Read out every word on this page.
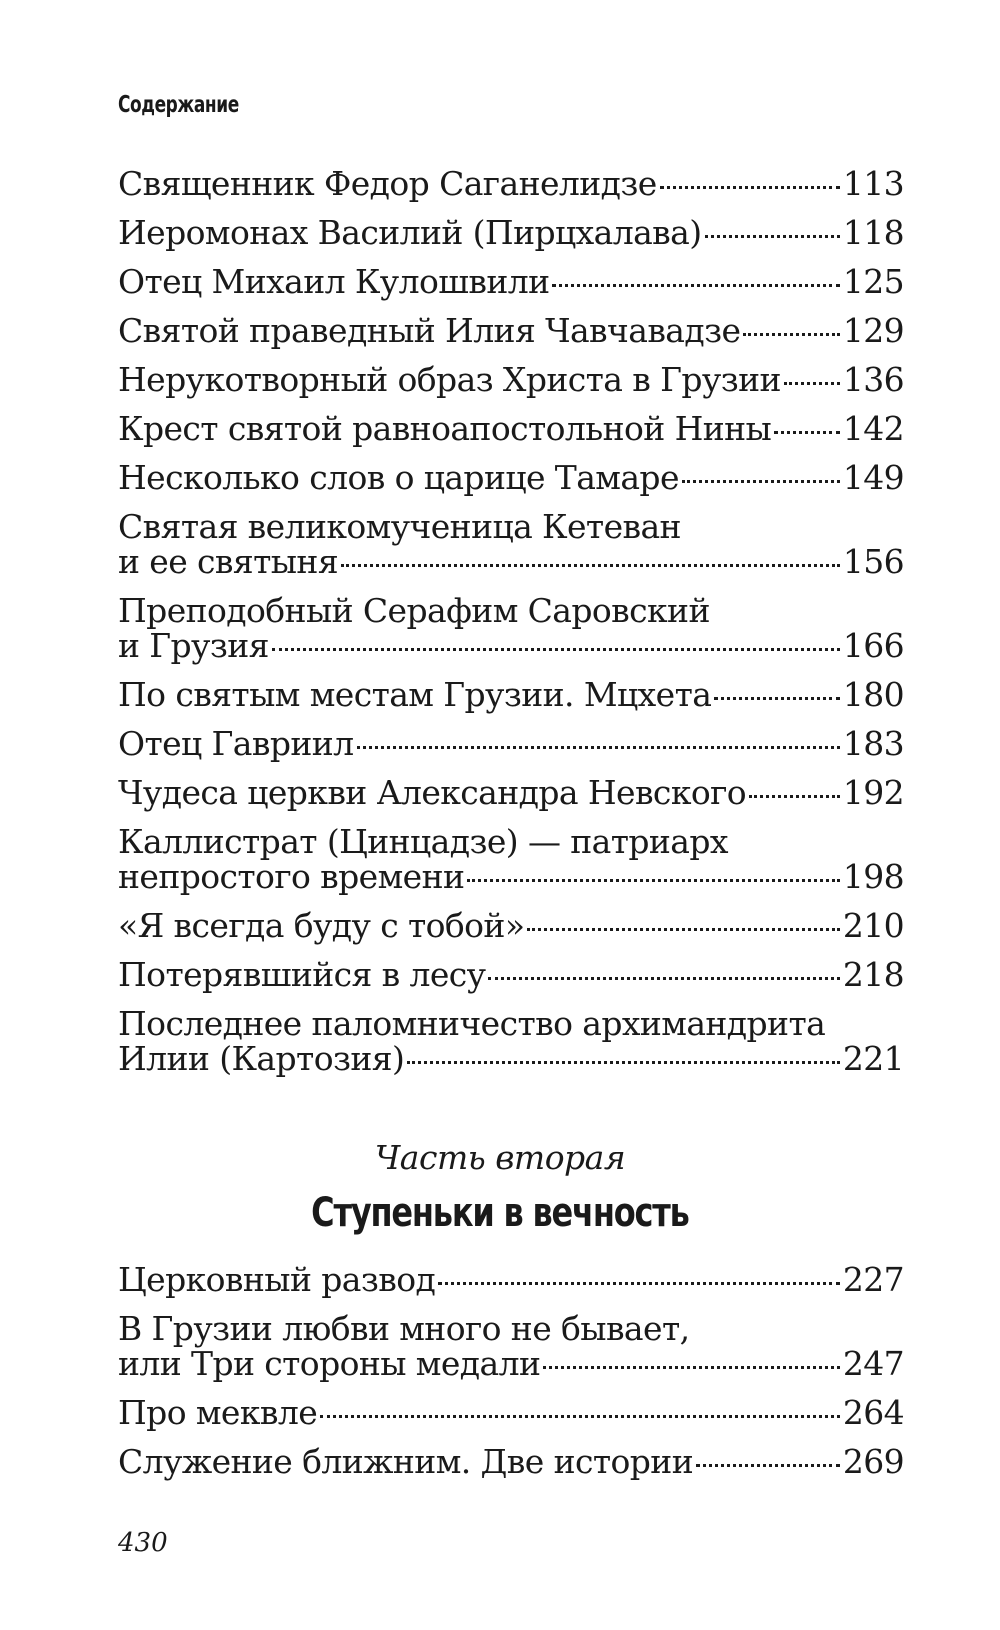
Содержание
Священник Федор Саганелидзе	113
Иеромонах Василий (Пирцхалава)	118
Отец Михаил Кулошвили	125
Святой праведный Илия Чавчавадзе	129
Нерукотворный образ Христа в Грузии 136
Крест святой равноапостольной Нины 142
Несколько слов о царице Тамаре	149
Святая великомученица Кетеван
и ее святыня	156
Преподобный Серафим Саровский
и Грузия	166
По святым местам Грузии. Мцхета	180
Отец Гавриил	183
Чудеса церкви Александра Невского	192
Каллистрат (Цинцадзе) — патриарх
непростого времени	198
«Я всегда буду с тобой»	210
Потерявшийся в лесу	218
Последнее паломничество архимандрита
Илии (Картозия)	221
Часть вторая
Ступеньки в вечность
Церковный развод	227
В Грузии любви много не бывает,
или Три стороны медали	247
Про меквле	264
Служение ближним. Две истории	269
430
